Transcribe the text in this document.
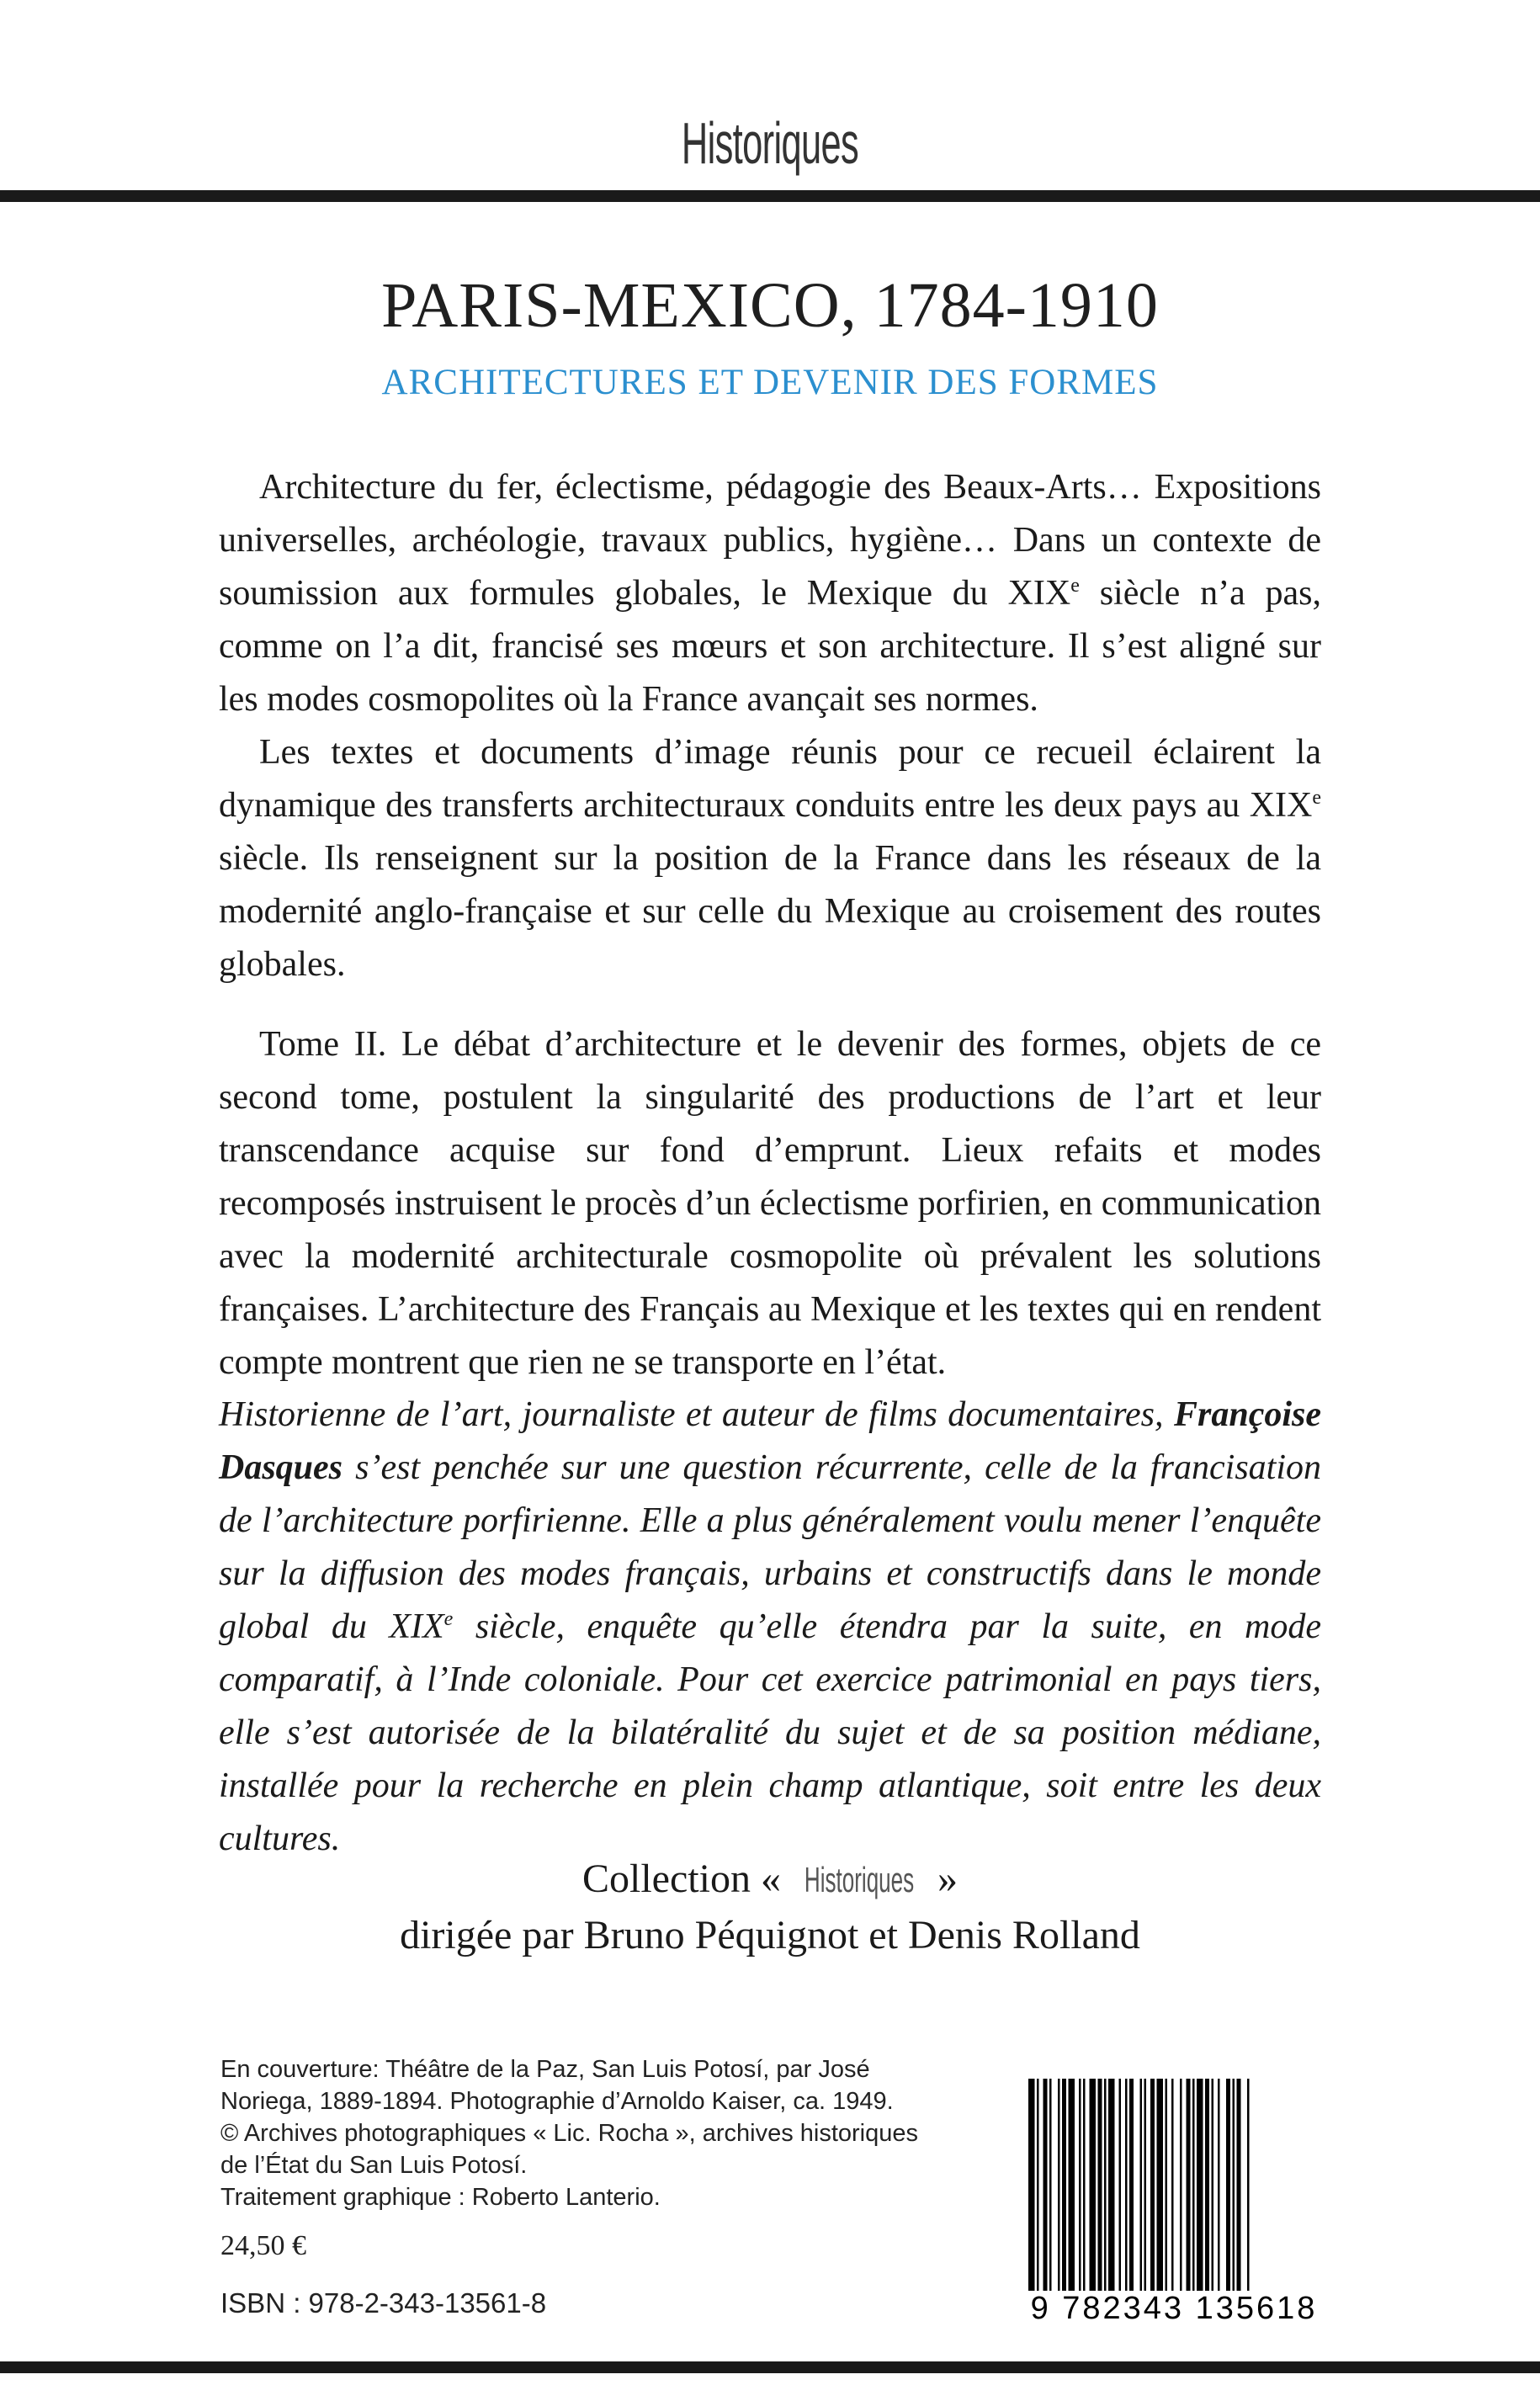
Historiques
PARIS-MEXICO, 1784-1910
ARCHITECTURES ET DEVENIR DES FORMES

Architecture du fer, éclectisme, pédagogie des Beaux-Arts… Expositions universelles, archéologie, travaux publics, hygiène… Dans un contexte de soumission aux formules globales, le Mexique du XIXe siècle n’a pas, comme on l’a dit, francisé ses mœurs et son architecture. Il s’est aligné sur les modes cosmopolites où la France avançait ses normes.

Les textes et documents d’image réunis pour ce recueil éclairent la dynamique des transferts architecturaux conduits entre les deux pays au XIXe siècle. Ils renseignent sur la position de la France dans les réseaux de la modernité anglo-française et sur celle du Mexique au croisement des routes globales.

Tome II. Le débat d’architecture et le devenir des formes, objets de ce second tome, postulent la singularité des productions de l’art et leur transcendance acquise sur fond d’emprunt. Lieux refaits et modes recomposés instruisent le procès d’un éclectisme porfirien, en communication avec la modernité architecturale cosmopolite où prévalent les solutions françaises. L’architecture des Français au Mexique et les textes qui en rendent compte montrent que rien ne se transporte en l’état.

Historienne de l’art, journaliste et auteur de films documentaires, Françoise Dasques s’est penchée sur une question récurrente, celle de la francisation de l’architecture porfirienne. Elle a plus généralement voulu mener l’enquête sur la diffusion des modes français, urbains et constructifs dans le monde global du XIXe siècle, enquête qu’elle étendra par la suite, en mode comparatif, à l’Inde coloniale. Pour cet exercice patrimonial en pays tiers, elle s’est autorisée de la bilatéralité du sujet et de sa position médiane, installée pour la recherche en plein champ atlantique, soit entre les deux cultures.

Collection « Historiques »
dirigée par Bruno Péquignot et Denis Rolland
En couverture: Théâtre de la Paz, San Luis Potosí, par José
Noriega, 1889-1894. Photographie d’Arnoldo Kaiser, ca. 1949.
© Archives photographiques « Lic. Rocha », archives historiques
de l’État du San Luis Potosí.
Traitement graphique : Roberto Lanterio.
24,50 €
ISBN : 978-2-343-13561-8	9 782343 135618
